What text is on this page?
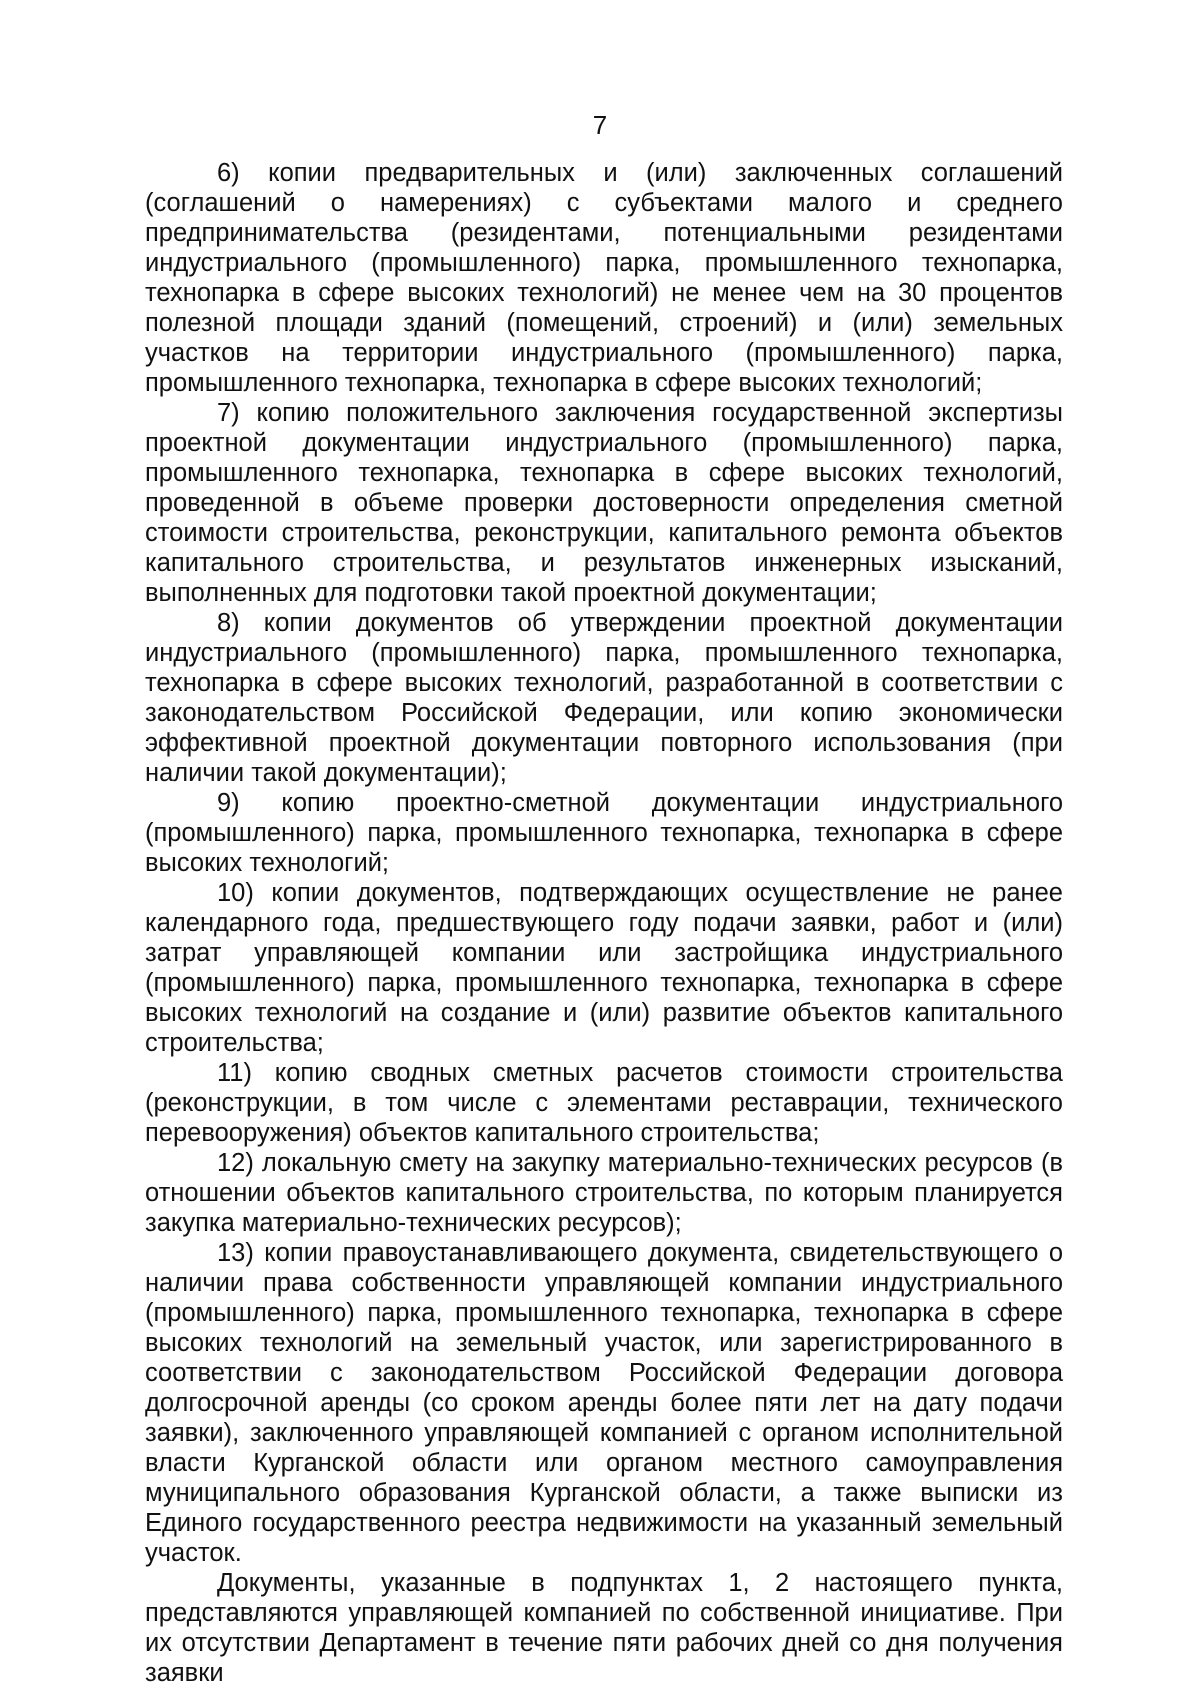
7

6) копии предварительных и (или) заключенных соглашений (соглашений о намерениях) с субъектами малого и среднего предпринимательства (резидентами, потенциальными резидентами индустриального (промышленного) парка, промышленного технопарка, технопарка в сфере высоких технологий) не менее чем на 30 процентов полезной площади зданий (помещений, строений) и (или) земельных участков на территории индустриального (промышленного) парка, промышленного технопарка, технопарка в сфере высоких технологий;

7) копию положительного заключения государственной экспертизы проектной документации индустриального (промышленного) парка, промышленного технопарка, технопарка в сфере высоких технологий, проведенной в объеме проверки достоверности определения сметной стоимости строительства, реконструкции, капитального ремонта объектов капитального строительства, и результатов инженерных изысканий, выполненных для подготовки такой проектной документации;

8) копии документов об утверждении проектной документации индустриального (промышленного) парка, промышленного технопарка, технопарка в сфере высоких технологий, разработанной в соответствии с законодательством Российской Федерации, или копию экономически эффективной проектной документации повторного использования (при наличии такой документации);

9) копию проектно-сметной документации индустриального (промышленного) парка, промышленного технопарка, технопарка в сфере высоких технологий;

10) копии документов, подтверждающих осуществление не ранее календарного года, предшествующего году подачи заявки, работ и (или) затрат управляющей компании или застройщика индустриального (промышленного) парка, промышленного технопарка, технопарка в сфере высоких технологий на создание и (или) развитие объектов капитального строительства;

11) копию сводных сметных расчетов стоимости строительства (реконструкции, в том числе с элементами реставрации, технического перевооружения) объектов капитального строительства;

12) локальную смету на закупку материально-технических ресурсов (в отношении объектов капитального строительства, по которым планируется закупка материально-технических ресурсов);

13) копии правоустанавливающего документа, свидетельствующего о наличии права собственности управляющей компании индустриального (промышленного) парка, промышленного технопарка, технопарка в сфере высоких технологий на земельный участок, или зарегистрированного в соответствии с законодательством Российской Федерации договора долгосрочной аренды (со сроком аренды более пяти лет на дату подачи заявки), заключенного управляющей компанией с органом исполнительной власти Курганской области или органом местного самоуправления муниципального образования Курганской области, а также выписки из Единого государственного реестра недвижимости на указанный земельный участок.

Документы, указанные в подпунктах 1, 2 настоящего пункта, представляются управляющей компанией по собственной инициативе. При их отсутствии Департамент в течение пяти рабочих дней со дня получения заявки
